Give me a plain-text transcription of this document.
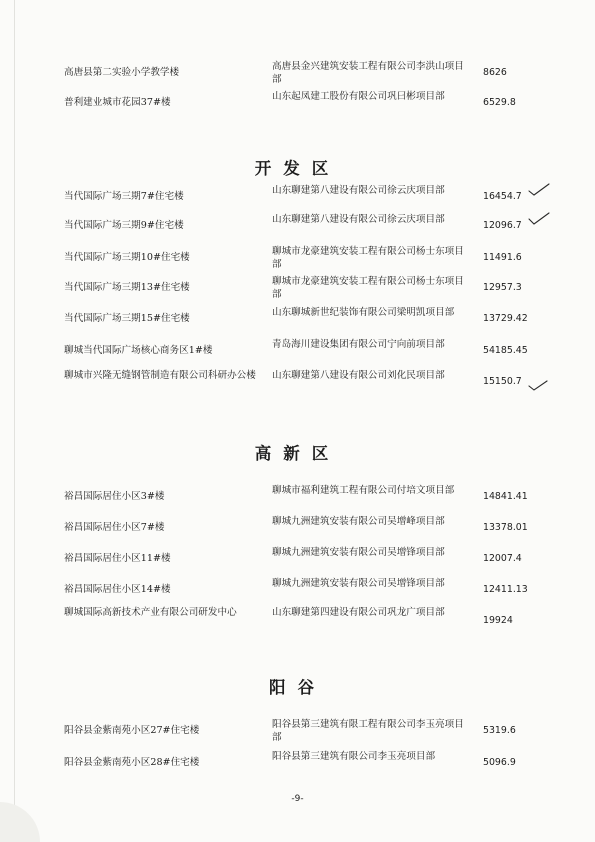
高唐县第二实验小学教学楼
高唐县金兴建筑安装工程有限公司李洪山项目部
8626
普利建业城市花园37#楼
山东起凤建工股份有限公司巩曰彬项目部
6529.8
开发区
当代国际广场三期7#住宅楼
山东聊建第八建设有限公司徐云庆项目部
16454.7
当代国际广场三期9#住宅楼
山东聊建第八建设有限公司徐云庆项目部
12096.7
当代国际广场三期10#住宅楼
聊城市龙豪建筑安装工程有限公司杨士东项目部
11491.6
当代国际广场三期13#住宅楼
聊城市龙豪建筑安装工程有限公司杨士东项目部
12957.3
当代国际广场三期15#住宅楼
山东聊城新世纪装饰有限公司梁明凯项目部
13729.42
聊城当代国际广场核心商务区1#楼
青岛海川建设集团有限公司宁向前项目部
54185.45
聊城市兴隆无缝钢管制造有限公司科研办公楼	山东聊建第八建设有限公司刘化民项目部
15150.7
高新区
裕昌国际居住小区3#楼
聊城市福利建筑工程有限公司付培文项目部
14841.41
裕昌国际居住小区7#楼
聊城九洲建筑安装有限公司吴增峰项目部
13378.01
裕昌国际居住小区11#楼
聊城九洲建筑安装有限公司吴增锋项目部
12007.4
裕昌国际居住小区14#楼
聊城九洲建筑安装有限公司吴增锋项目部
12411.13
聊城国际高新技术产业有限公司研发中心	山东聊建第四建设有限公司巩龙广项目部
19924
阳谷
阳谷县金紫南苑小区27#住宅楼
阳谷县第三建筑有限工程有限公司李玉亮项目部
5319.6
阳谷县金紫南苑小区28#住宅楼
阳谷县第三建筑有限公司李玉亮项目部
5096.9
-9-
